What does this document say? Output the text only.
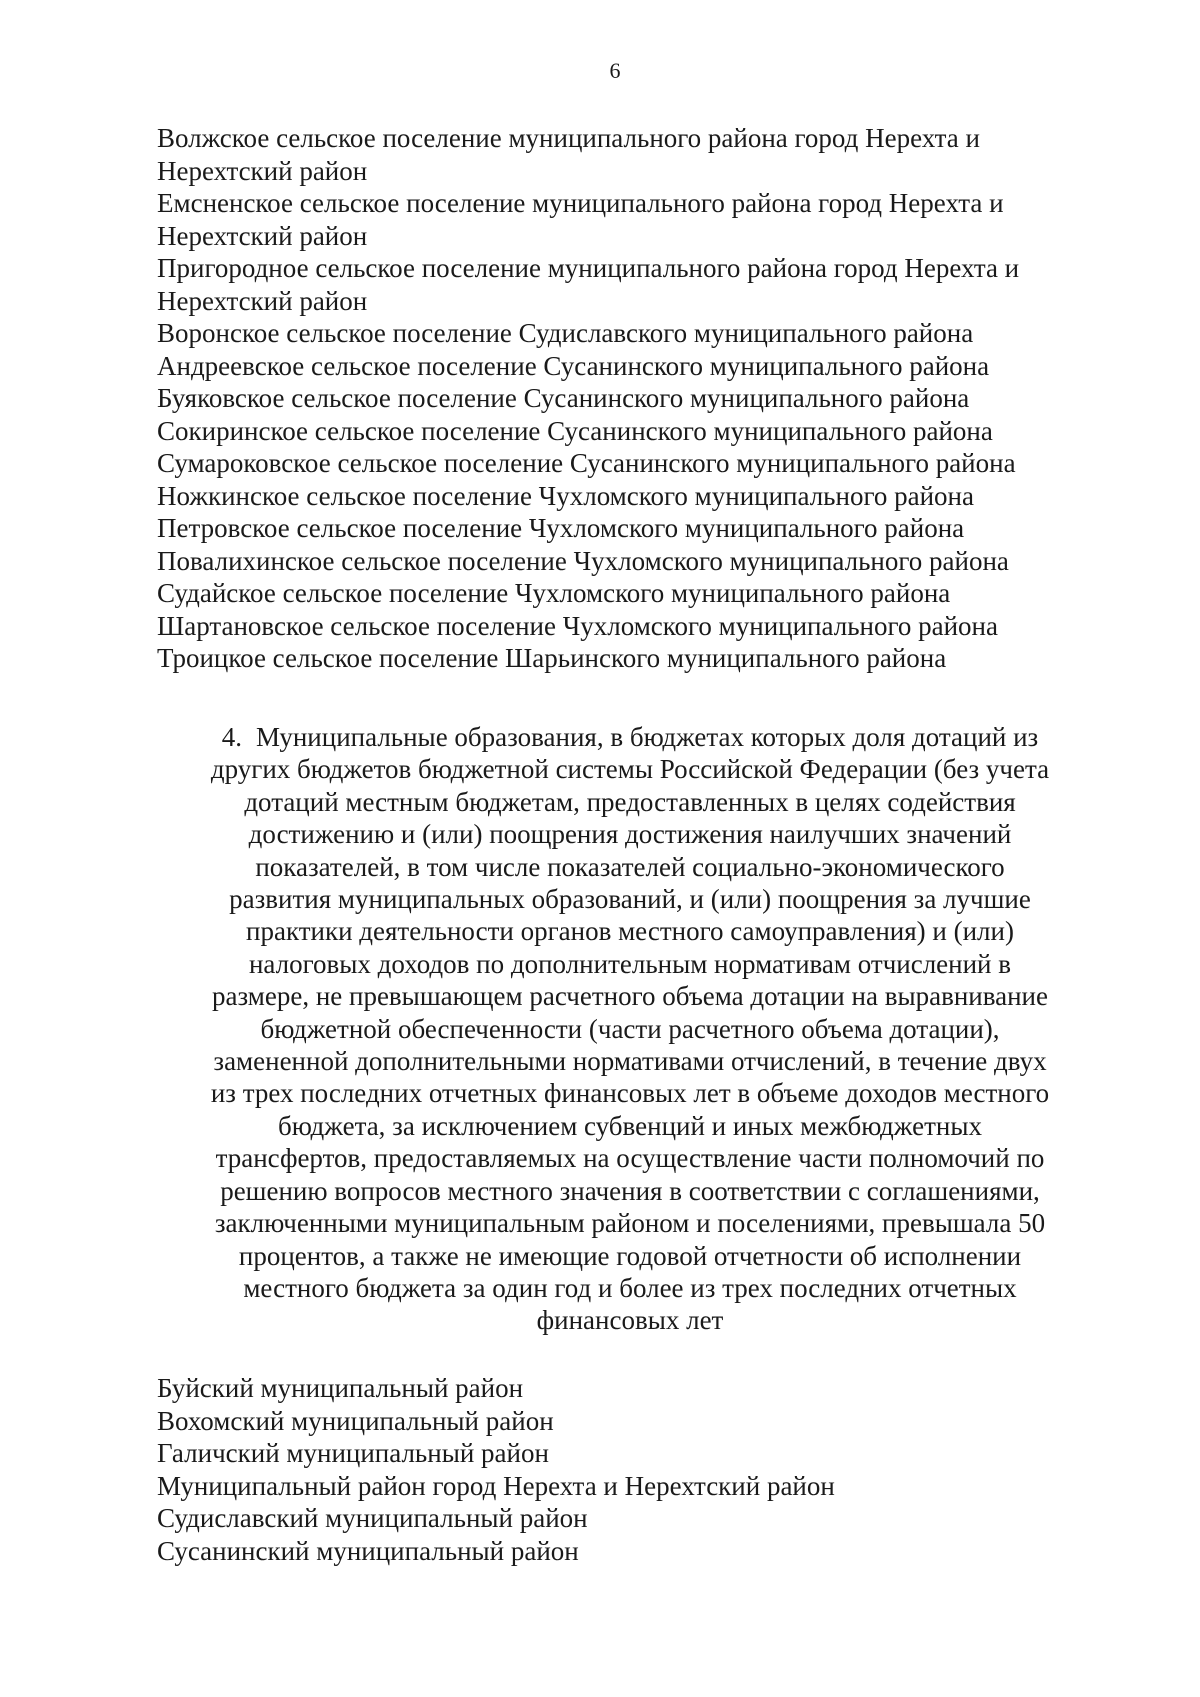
6
Волжское сельское поселение муниципального района город Нерехта и
Нерехтский район
Емсненское сельское поселение муниципального района город Нерехта и
Нерехтский район
Пригородное сельское поселение муниципального района город Нерехта и
Нерехтский район
Воронское сельское поселение Судиславского муниципального района
Андреевское сельское поселение Сусанинского муниципального района
Буяковское сельское поселение Сусанинского муниципального района
Сокиринское сельское поселение Сусанинского муниципального района
Сумароковское сельское поселение Сусанинского муниципального района
Ножкинское сельское поселение Чухломского муниципального района
Петровское сельское поселение Чухломского муниципального района
Повалихинское сельское поселение Чухломского муниципального района
Судайское сельское поселение Чухломского муниципального района
Шартановское сельское поселение Чухломского муниципального района
Троицкое сельское поселение Шарьинского муниципального района
4. Муниципальные образования, в бюджетах которых доля дотаций из
других бюджетов бюджетной системы Российской Федерации (без учета
дотаций местным бюджетам, предоставленных в целях содействия
достижению и (или) поощрения достижения наилучших значений
показателей, в том числе показателей социально-экономического
развития муниципальных образований, и (или) поощрения за лучшие
практики деятельности органов местного самоуправления) и (или)
налоговых доходов по дополнительным нормативам отчислений в
размере, не превышающем расчетного объема дотации на выравнивание
бюджетной обеспеченности (части расчетного объема дотации),
замененной дополнительными нормативами отчислений, в течение двух
из трех последних отчетных финансовых лет в объеме доходов местного
бюджета, за исключением субвенций и иных межбюджетных
трансфертов, предоставляемых на осуществление части полномочий по
решению вопросов местного значения в соответствии с соглашениями,
заключенными муниципальным районом и поселениями, превышала 50
процентов, а также не имеющие годовой отчетности об исполнении
местного бюджета за один год и более из трех последних отчетных
финансовых лет
Буйский муниципальный район
Вохомский муниципальный район
Галичский муниципальный район
Муниципальный район город Нерехта и Нерехтский район
Судиславский муниципальный район
Сусанинский муниципальный район
